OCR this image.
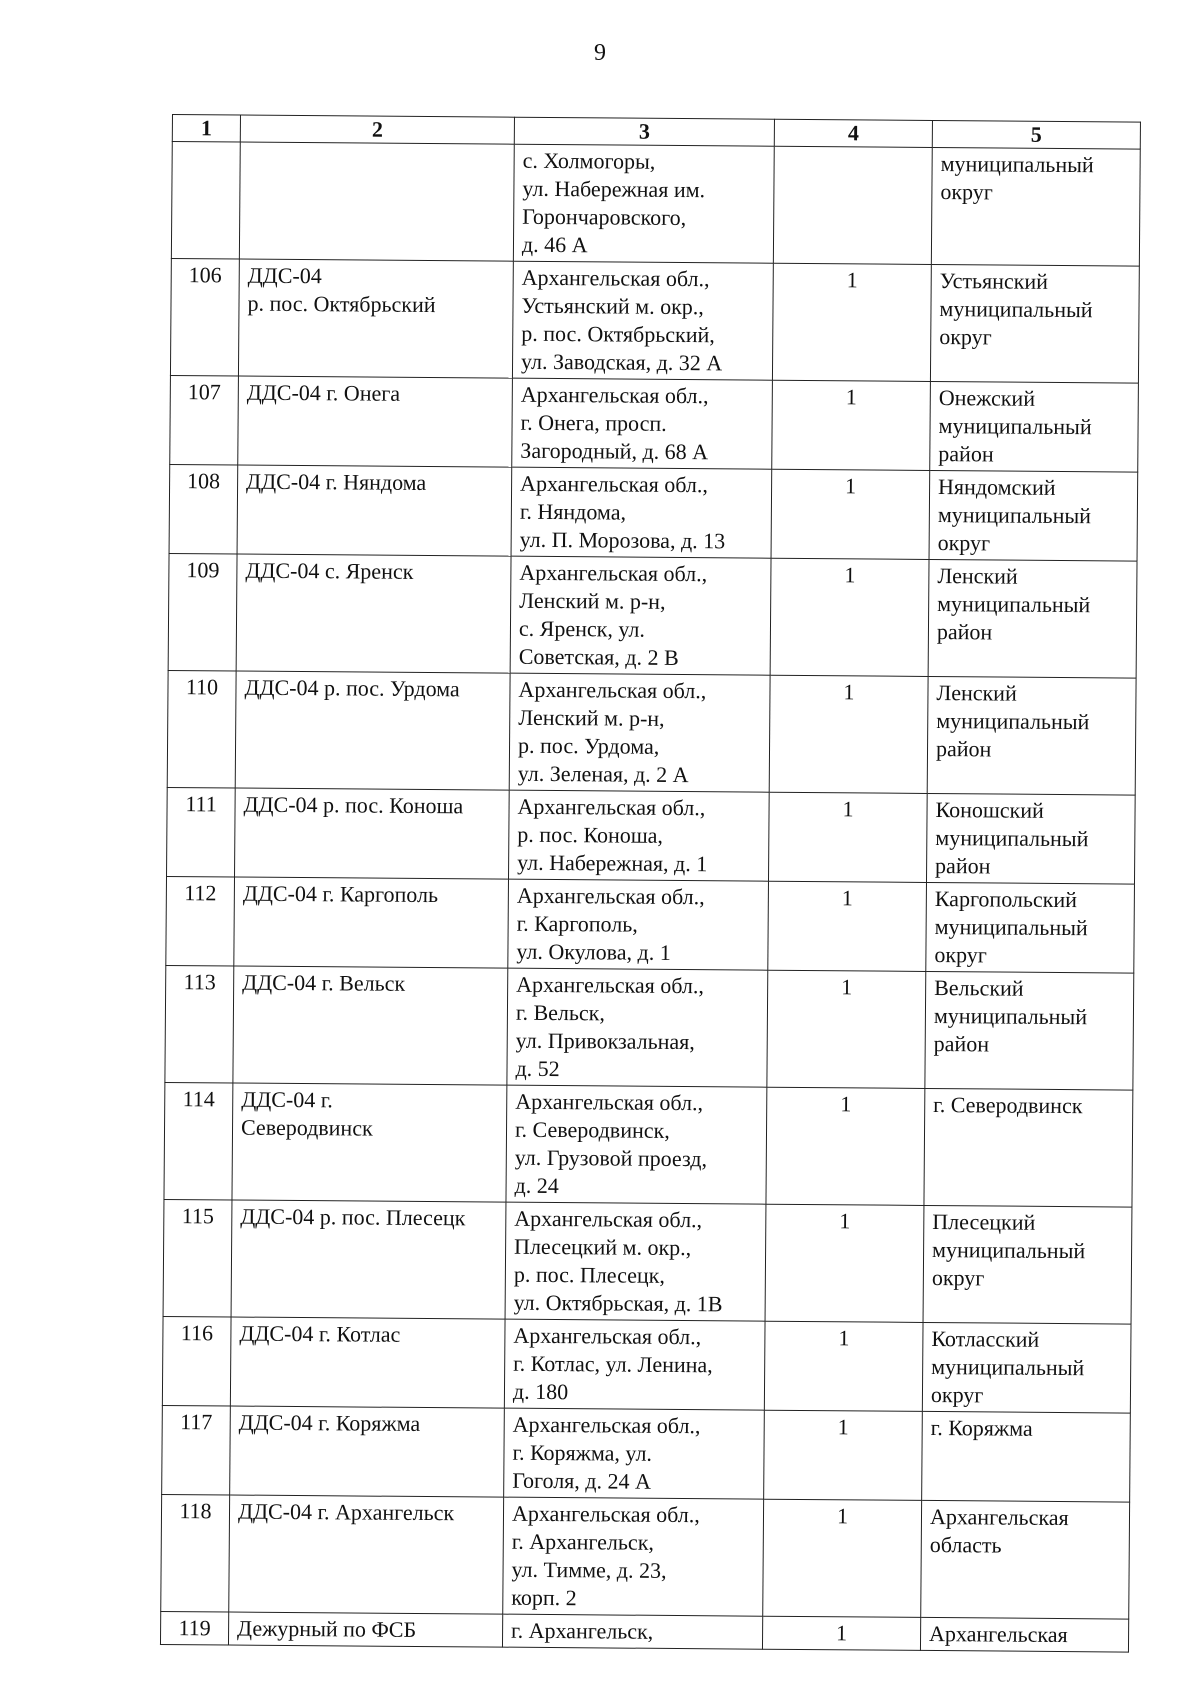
9
1	2	3	4	5

		с. Холмогоры,
ул. Набережная им.
Горончаровского,
д. 46 А		муниципальный
округ

106	ДДС-04
р. пос. Октябрьский	Архангельская обл.,
Устьянский м. окр.,
р. пос. Октябрьский,
ул. Заводская, д. 32 А	1	Устьянский
муниципальный
округ

107	ДДС-04 г. Онега	Архангельская обл.,
г. Онега, просп.
Загородный, д. 68 А	1	Онежский
муниципальный
район

108	ДДС-04 г. Няндома	Архангельская обл.,
г. Няндома,
ул. П. Морозова, д. 13	1	Няндомский
муниципальный
округ

109	ДДС-04 с. Яренск	Архангельская обл.,
Ленский м. р-н,
с. Яренск, ул.
Советская, д. 2 В	1	Ленский
муниципальный
район

110	ДДС-04 р. пос. Урдома	Архангельская обл.,
Ленский м. р-н,
р. пос. Урдома,
ул. Зеленая, д. 2 А	1	Ленский
муниципальный
район

111	ДДС-04 р. пос. Коноша	Архангельская обл.,
р. пос. Коноша,
ул. Набережная, д. 1	1	Коношский
муниципальный
район

112	ДДС-04 г. Каргополь	Архангельская обл.,
г. Каргополь,
ул. Окулова, д. 1	1	Каргопольский
муниципальный
округ

113	ДДС-04 г. Вельск	Архангельская обл.,
г. Вельск,
ул. Привокзальная,
д. 52	1	Вельский
муниципальный
район

114	ДДС-04 г.
Северодвинск	Архангельская обл.,
г. Северодвинск,
ул. Грузовой проезд,
д. 24	1	г. Северодвинск

115	ДДС-04 р. пос. Плесецк	Архангельская обл.,
Плесецкий м. окр.,
р. пос. Плесецк,
ул. Октябрьская, д. 1В	1	Плесецкий
муниципальный
округ

116	ДДС-04 г. Котлас	Архангельская обл.,
г. Котлас, ул. Ленина,
д. 180	1	Котласский
муниципальный
округ

117	ДДС-04 г. Коряжма	Архангельская обл.,
г. Коряжма, ул.
Гоголя, д. 24 А	1	г. Коряжма

118	ДДС-04 г. Архангельск	Архангельская обл.,
г. Архангельск,
ул. Тимме, д. 23,
корп. 2	1	Архангельская
область

119	Дежурный по ФСБ	г. Архангельск,	1	Архангельская
